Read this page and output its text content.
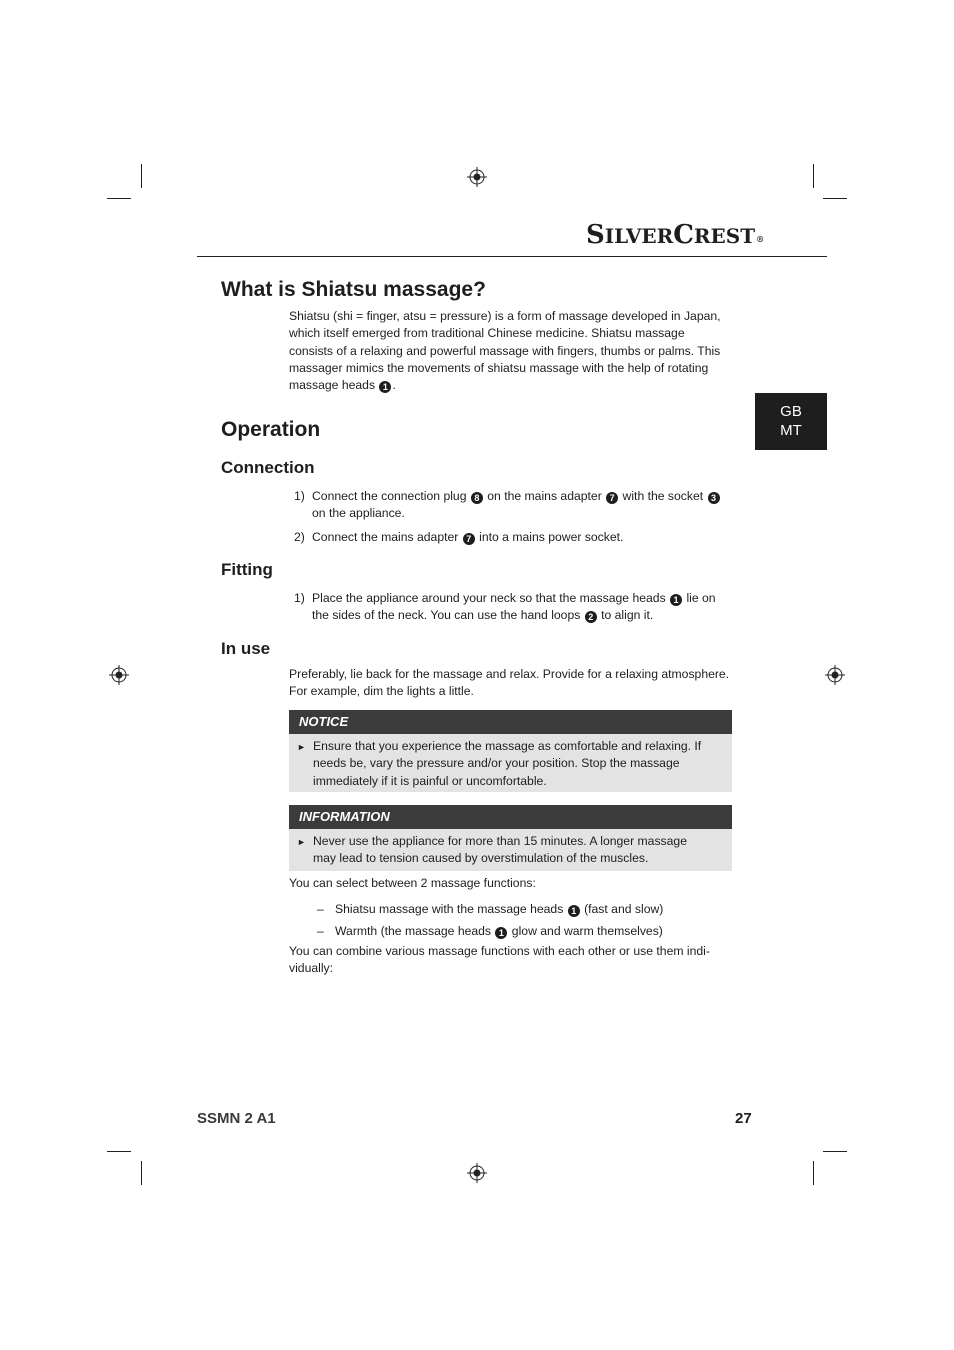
SILVERCREST®
GB
MT
What is Shiatsu massage?

Shiatsu (shi = finger, atsu = pressure) is a form of massage developed in Japan, which itself emerged from traditional Chinese medicine. Shiatsu massage consists of a relaxing and powerful massage with fingers, thumbs or palms. This massager mimics the movements of shiatsu massage with the help of rotating massage heads 1 .

Operation
Connection
1) Connect the connection plug 8 on the mains adapter 7 with the socket 3 on the appliance.
2) Connect the mains adapter 7 into a mains power socket.
Fitting
1) Place the appliance around your neck so that the massage heads 1 lie on the sides of the neck. You can use the hand loops 2 to align it.
In use

Preferably, lie back for the massage and relax. Provide for a relaxing atmosphere. For example, dim the lights a little.

NOTICE
► Ensure that you experience the massage as comfortable and relaxing. If needs be, vary the pressure and/or your position. Stop the massage immediately if it is painful or uncomfortable.
INFORMATION
► Never use the appliance for more than 15 minutes. A longer massage may lead to tension caused by overstimulation of the muscles.

You can select between 2 massage functions:

– Shiatsu massage with the massage heads 1 (fast and slow)
– Warmth (the massage heads 1 glow and warm themselves)

You can combine various massage functions with each other or use them indi-vidually:

SSMN 2 A1	27
